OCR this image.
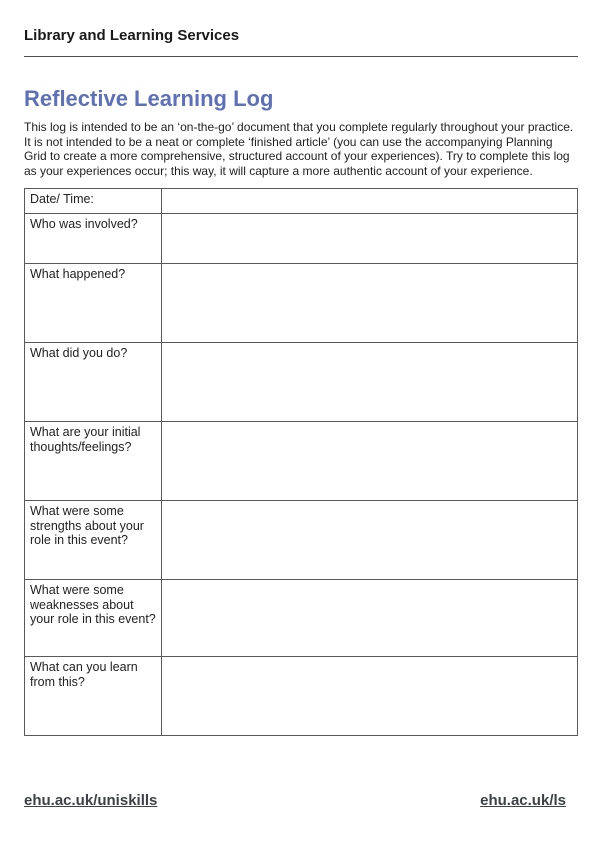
Library and Learning Services
Reflective Learning Log

This log is intended to be an ‘on-the-go’ document that you complete regularly throughout your practice. It is not intended to be a neat or complete ‘finished article’ (you can use the accompanying Planning Grid to create a more comprehensive, structured account of your experiences). Try to complete this log as your experiences occur; this way, it will capture a more authentic account of your experience.

Date/ Time:
Who was involved?
What happened?
What did you do?
What are your initial thoughts/feelings?
What were some strengths about your role in this event?
What were some weaknesses about your role in this event?
What can you learn from this?
ehu.ac.uk/uniskills	ehu.ac.uk/ls
